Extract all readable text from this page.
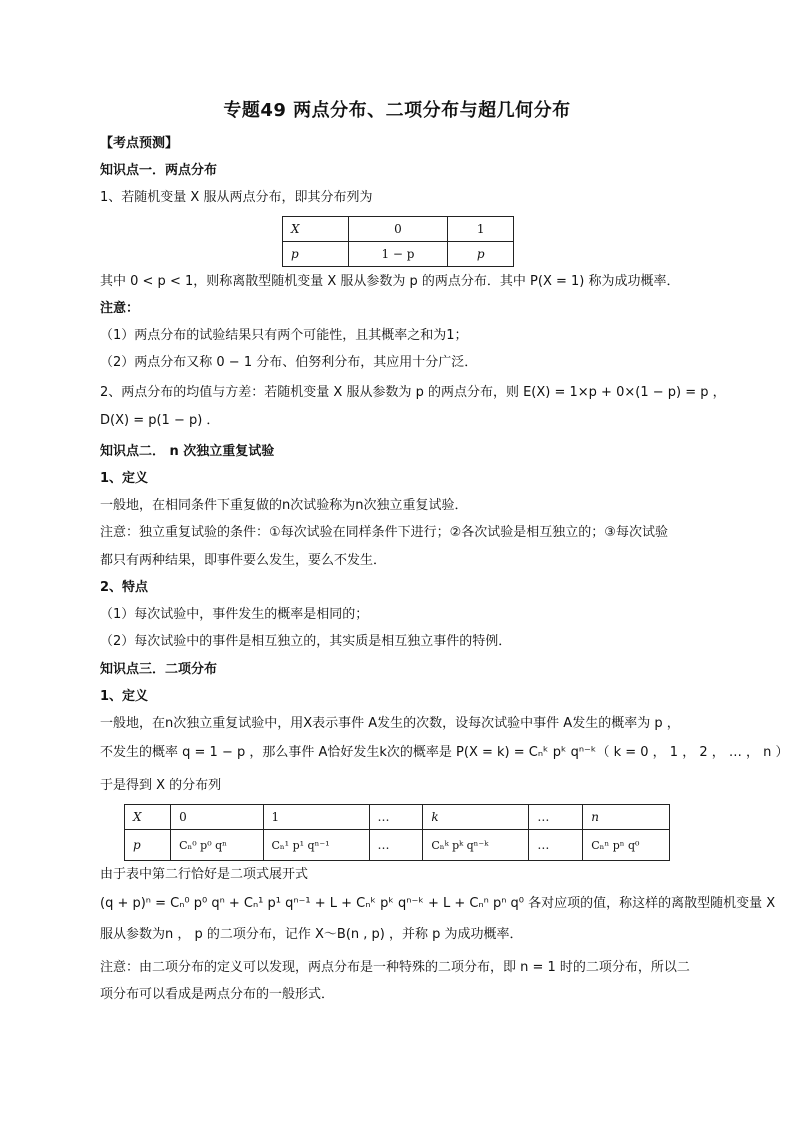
专题49 两点分布、二项分布与超几何分布
【考点预测】
知识点一．两点分布
1、若随机变量 X 服从两点分布，即其分布列为
X	0	1
p	1 − p	p
其中 0 < p < 1，则称离散型随机变量 X 服从参数为 p 的两点分布．其中 P(X = 1) 称为成功概率．
注意：
（1）两点分布的试验结果只有两个可能性，且其概率之和为1；
（2）两点分布又称 0 − 1 分布、伯努利分布，其应用十分广泛．
2、两点分布的均值与方差：若随机变量 X 服从参数为 p 的两点分布，则 E(X) = 1×p + 0×(1 − p) = p ，
D(X) = p(1 − p) ．
知识点二． n 次独立重复试验
1、定义
一般地，在相同条件下重复做的n次试验称为n次独立重复试验．
注意：独立重复试验的条件：①每次试验在同样条件下进行；②各次试验是相互独立的；③每次试验
都只有两种结果，即事件要么发生，要么不发生．
2、特点
（1）每次试验中，事件发生的概率是相同的；
（2）每次试验中的事件是相互独立的，其实质是相互独立事件的特例．
知识点三．二项分布
1、定义
一般地，在n次独立重复试验中，用X表示事件 A发生的次数，设每次试验中事件 A发生的概率为 p ，
不发生的概率 q = 1 − p ，那么事件 A恰好发生k次的概率是 P(X = k) = Cₙᵏ pᵏ qⁿ⁻ᵏ（ k = 0 ， 1 ， 2 ， … ， n ）
于是得到 X 的分布列
X	0	1	…	k	…	n
p	Cₙ⁰ p⁰ qⁿ	Cₙ¹ p¹ qⁿ⁻¹	…	Cₙᵏ pᵏ qⁿ⁻ᵏ	…	Cₙⁿ pⁿ q⁰
由于表中第二行恰好是二项式展开式
(q + p)ⁿ = Cₙ⁰ p⁰ qⁿ + Cₙ¹ p¹ qⁿ⁻¹ + L + Cₙᵏ pᵏ qⁿ⁻ᵏ + L + Cₙⁿ pⁿ q⁰ 各对应项的值，称这样的离散型随机变量 X
服从参数为n ， p 的二项分布，记作 X～B(n , p) ，并称 p 为成功概率．
注意：由二项分布的定义可以发现，两点分布是一种特殊的二项分布，即 n = 1 时的二项分布，所以二
项分布可以看成是两点分布的一般形式．
